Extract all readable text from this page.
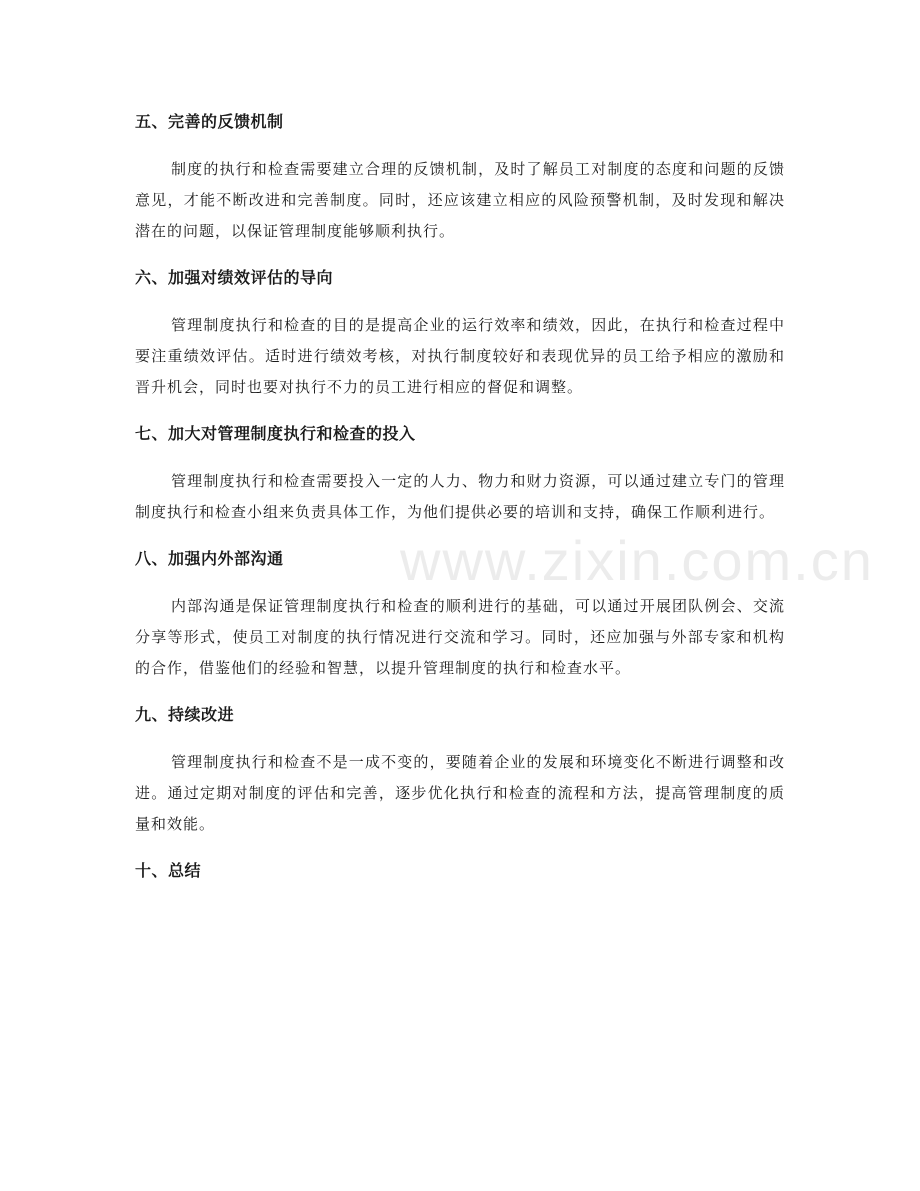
五、完善的反馈机制

制度的执行和检查需要建立合理的反馈机制，及时了解员工对制度的态度和问题的反馈意见，才能不断改进和完善制度。同时，还应该建立相应的风险预警机制，及时发现和解决潜在的问题，以保证管理制度能够顺利执行。

六、加强对绩效评估的导向

管理制度执行和检查的目的是提高企业的运行效率和绩效，因此，在执行和检查过程中要注重绩效评估。适时进行绩效考核，对执行制度较好和表现优异的员工给予相应的激励和晋升机会，同时也要对执行不力的员工进行相应的督促和调整。

七、加大对管理制度执行和检查的投入

管理制度执行和检查需要投入一定的人力、物力和财力资源，可以通过建立专门的管理制度执行和检查小组来负责具体工作，为他们提供必要的培训和支持，确保工作顺利进行。

八、加强内外部沟通

内部沟通是保证管理制度执行和检查的顺利进行的基础，可以通过开展团队例会、交流分享等形式，使员工对制度的执行情况进行交流和学习。同时，还应加强与外部专家和机构的合作，借鉴他们的经验和智慧，以提升管理制度的执行和检查水平。

九、持续改进

管理制度执行和检查不是一成不变的，要随着企业的发展和环境变化不断进行调整和改进。通过定期对制度的评估和完善，逐步优化执行和检查的流程和方法，提高管理制度的质量和效能。

十、总结
www.zixin.com.cn
